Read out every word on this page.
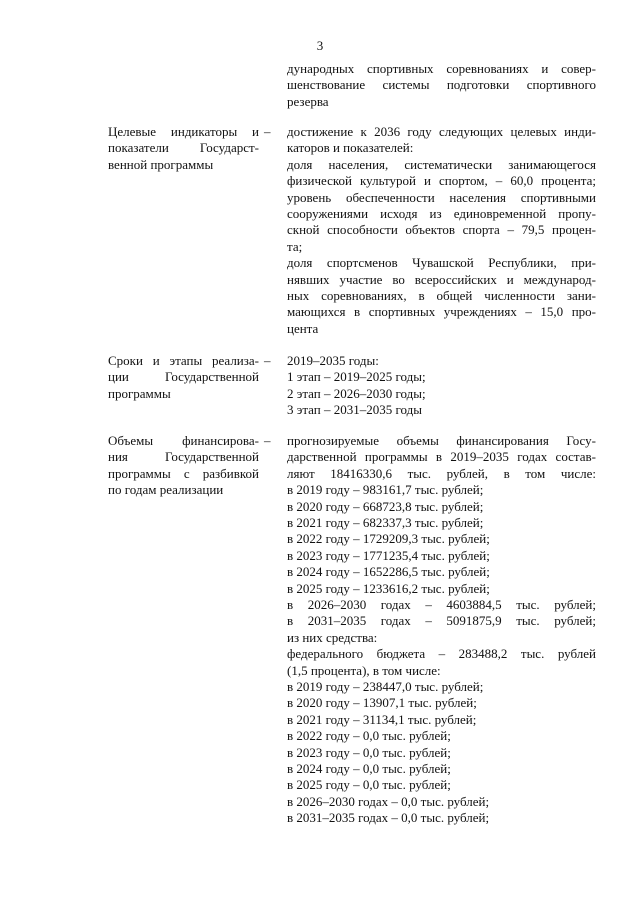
3
дународных спортивных соревнованиях и совер-
шенствование системы подготовки спортивного
резерва
Целевые индикаторы и
показатели Государст-
венной программы
– достижение к 2036 году следующих целевых инди-
каторов и показателей:
доля населения, систематически занимающегося
физической культурой и спортом, – 60,0 процента;
уровень обеспеченности населения спортивными
сооружениями исходя из единовременной пропу-
скной способности объектов спорта – 79,5 процен-
та;
доля спортсменов Чувашской Республики, при-
нявших участие во всероссийских и международ-
ных соревнованиях, в общей численности зани-
мающихся в спортивных учреждениях – 15,0 про-
цента
Сроки и этапы реализа-
ции Государственной
программы
– 2019–2035 годы:
1 этап – 2019–2025 годы;
2 этап – 2026–2030 годы;
3 этап – 2031–2035 годы
Объемы финансирова-
ния Государственной
программы с разбивкой
по годам реализации
– прогнозируемые объемы финансирования Госу-
дарственной программы в 2019–2035 годах состав-
ляют 18416330,6 тыс. рублей, в том числе:
в 2019 году – 983161,7 тыс. рублей;
в 2020 году – 668723,8 тыс. рублей;
в 2021 году – 682337,3 тыс. рублей;
в 2022 году – 1729209,3 тыс. рублей;
в 2023 году – 1771235,4 тыс. рублей;
в 2024 году – 1652286,5 тыс. рублей;
в 2025 году – 1233616,2 тыс. рублей;
в 2026–2030 годах – 4603884,5 тыс. рублей;
в 2031–2035 годах – 5091875,9 тыс. рублей;
из них средства:
федерального бюджета – 283488,2 тыс. рублей
(1,5 процента), в том числе:
в 2019 году – 238447,0 тыс. рублей;
в 2020 году – 13907,1 тыс. рублей;
в 2021 году – 31134,1 тыс. рублей;
в 2022 году – 0,0 тыс. рублей;
в 2023 году – 0,0 тыс. рублей;
в 2024 году – 0,0 тыс. рублей;
в 2025 году – 0,0 тыс. рублей;
в 2026–2030 годах – 0,0 тыс. рублей;
в 2031–2035 годах – 0,0 тыс. рублей;
